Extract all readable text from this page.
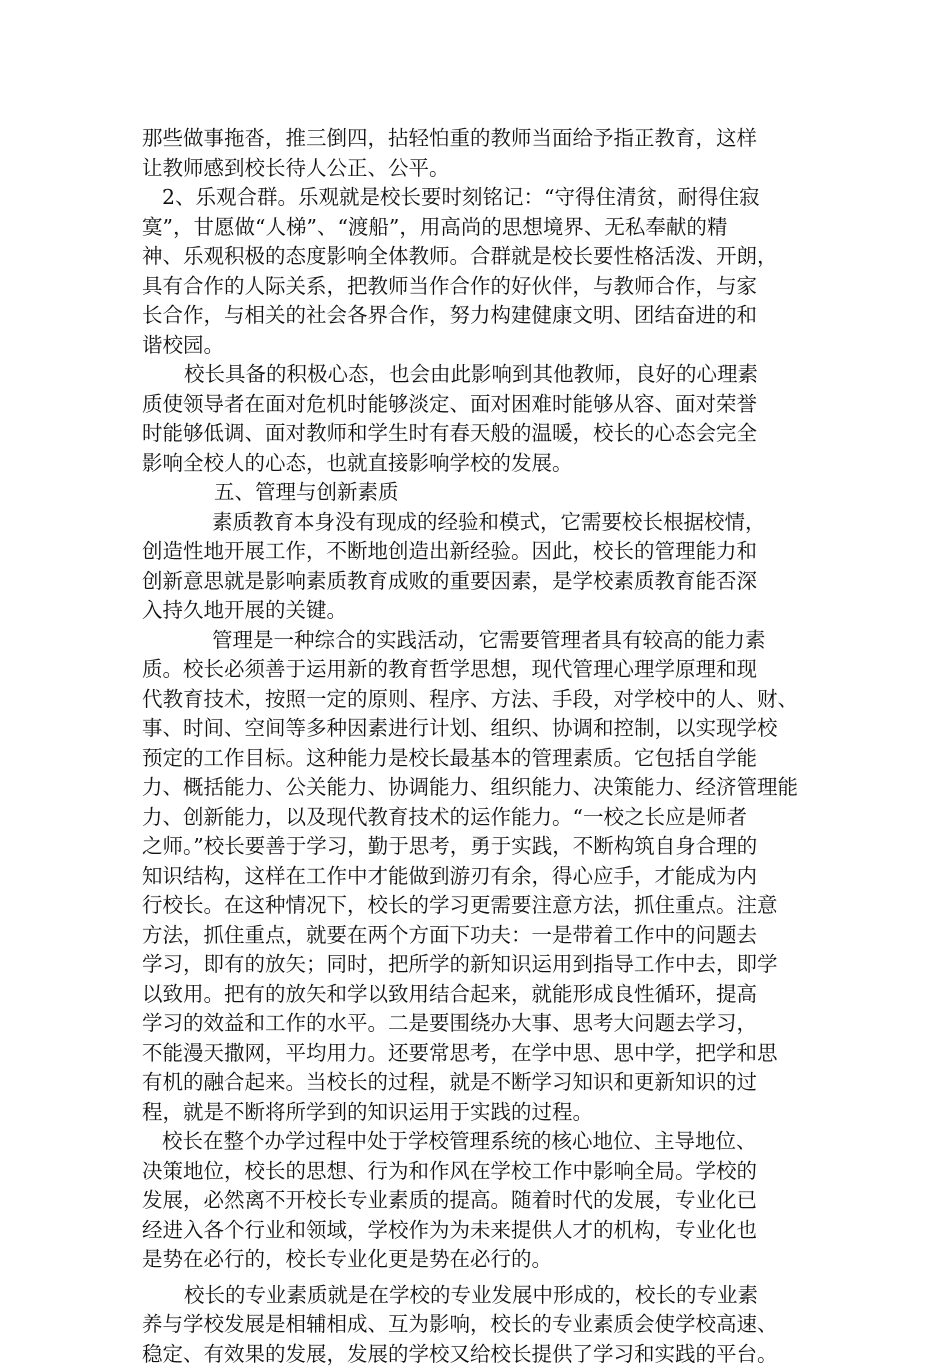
那些做事拖沓，推三倒四，拈轻怕重的教师当面给予指正教育，这样
让教师感到校长待人公正、公平。
2、乐观合群。乐观就是校长要时刻铭记：“守得住清贫，耐得住寂
寞”，甘愿做“人梯”、“渡船”，用高尚的思想境界、无私奉献的精
神、乐观积极的态度影响全体教师。合群就是校长要性格活泼、开朗，
具有合作的人际关系，把教师当作合作的好伙伴，与教师合作，与家
长合作，与相关的社会各界合作，努力构建健康文明、团结奋进的和
谐校园。
校长具备的积极心态，也会由此影响到其他教师，良好的心理素
质使领导者在面对危机时能够淡定、面对困难时能够从容、面对荣誉
时能够低调、面对教师和学生时有春天般的温暖，校长的心态会完全
影响全校人的心态，也就直接影响学校的发展。
五、管理与创新素质
素质教育本身没有现成的经验和模式，它需要校长根据校情，
创造性地开展工作，不断地创造出新经验。因此，校长的管理能力和
创新意思就是影响素质教育成败的重要因素，是学校素质教育能否深
入持久地开展的关键。
管理是一种综合的实践活动，它需要管理者具有较高的能力素
质。校长必须善于运用新的教育哲学思想，现代管理心理学原理和现
代教育技术，按照一定的原则、程序、方法、手段，对学校中的人、财、
事、时间、空间等多种因素进行计划、组织、协调和控制，以实现学校
预定的工作目标。这种能力是校长最基本的管理素质。它包括自学能
力、概括能力、公关能力、协调能力、组织能力、决策能力、经济管理能
力、创新能力，以及现代教育技术的运作能力。“一校之长应是师者
之师。”校长要善于学习，勤于思考，勇于实践，不断构筑自身合理的
知识结构，这样在工作中才能做到游刃有余，得心应手，才能成为内
行校长。在这种情况下，校长的学习更需要注意方法，抓住重点。注意
方法，抓住重点，就要在两个方面下功夫：一是带着工作中的问题去
学习，即有的放矢；同时，把所学的新知识运用到指导工作中去，即学
以致用。把有的放矢和学以致用结合起来，就能形成良性循环，提高
学习的效益和工作的水平。二是要围绕办大事、思考大问题去学习，
不能漫天撒网，平均用力。还要常思考，在学中思、思中学，把学和思
有机的融合起来。当校长的过程，就是不断学习知识和更新知识的过
程，就是不断将所学到的知识运用于实践的过程。
校长在整个办学过程中处于学校管理系统的核心地位、主导地位、
决策地位，校长的思想、行为和作风在学校工作中影响全局。学校的
发展，必然离不开校长专业素质的提高。随着时代的发展，专业化已
经进入各个行业和领域，学校作为为未来提供人才的机构，专业化也
是势在必行的，校长专业化更是势在必行的。
校长的专业素质就是在学校的专业发展中形成的，校长的专业素
养与学校发展是相辅相成、互为影响，校长的专业素质会使学校高速、
稳定、有效果的发展，发展的学校又给校长提供了学习和实践的平台。
